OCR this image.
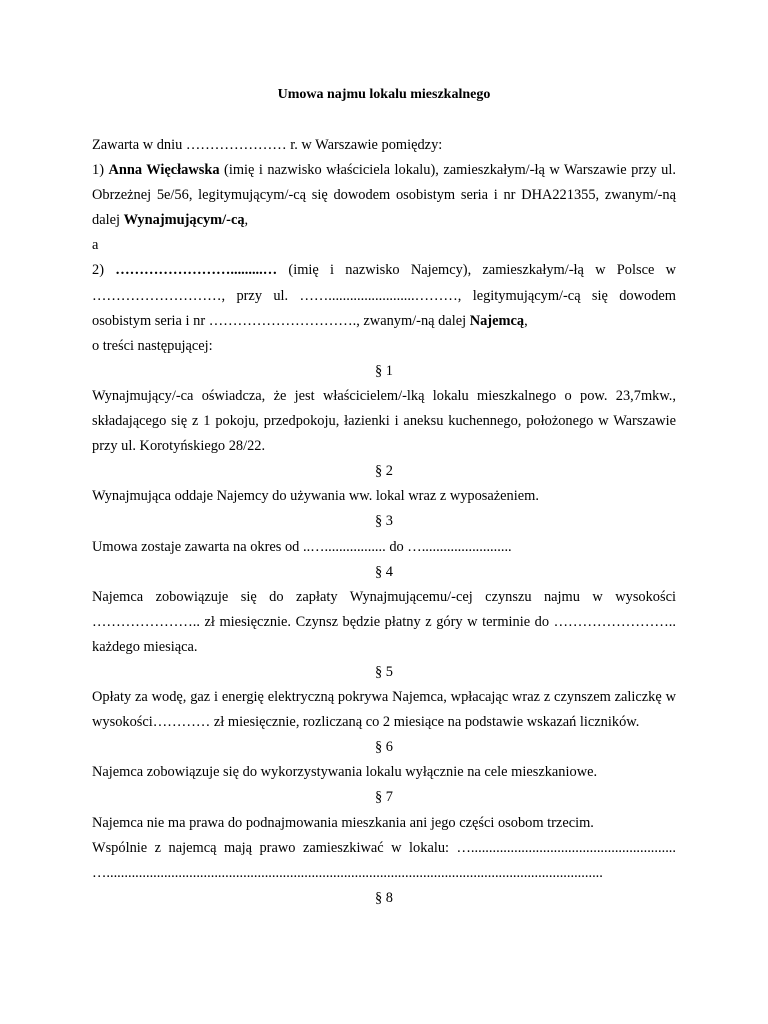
Umowa najmu lokalu mieszkalnego

Zawarta w dniu ………………… r. w Warszawie pomiędzy:

1) Anna Więcławska (imię i nazwisko właściciela lokalu), zamieszkałym/-łą w Warszawie przy ul. Obrzeżnej 5e/56, legitymującym/-cą się dowodem osobistym seria i nr DHA221355, zwanym/-ną dalej Wynajmującym/-cą,

a

2) …………………….........… (imię i nazwisko Najemcy), zamieszkałym/-łą w Polsce w ………………………, przy ul. ……........................………, legitymującym/-cą się dowodem osobistym seria i nr …………………………., zwanym/-ną dalej Najemcą,

o treści następującej:

§ 1

Wynajmujący/-ca oświadcza, że jest właścicielem/-lką lokalu mieszkalnego o pow. 23,7mkw., składającego się z 1 pokoju, przedpokoju, łazienki i aneksu kuchennego, położonego w Warszawie przy ul. Korotyńskiego 28/22.

§ 2

Wynajmująca oddaje Najemcy do używania ww. lokal wraz z wyposażeniem.

§ 3

Umowa zostaje zawarta na okres od ..…................. do ….........................

§ 4

Najemca zobowiązuje się do zapłaty Wynajmującemu/-cej czynszu najmu w wysokości ………………….. zł miesięcznie. Czynsz będzie płatny z góry w terminie do …………………….. każdego miesiąca.

§ 5

Opłaty za wodę, gaz i energię elektryczną pokrywa Najemca, wpłacając wraz z czynszem zaliczkę w wysokości………… zł miesięcznie, rozliczaną co 2 miesiące na podstawie wskazań liczników.

§ 6

Najemca zobowiązuje się do wykorzystywania lokalu wyłącznie na cele mieszkaniowe.

§ 7

Najemca nie ma prawa do podnajmowania mieszkania ani jego części osobom trzecim.

Wspólnie z najemcą mają prawo zamieszkiwać w lokalu: …......................................................... …..........................................................................................................................................

§ 8
